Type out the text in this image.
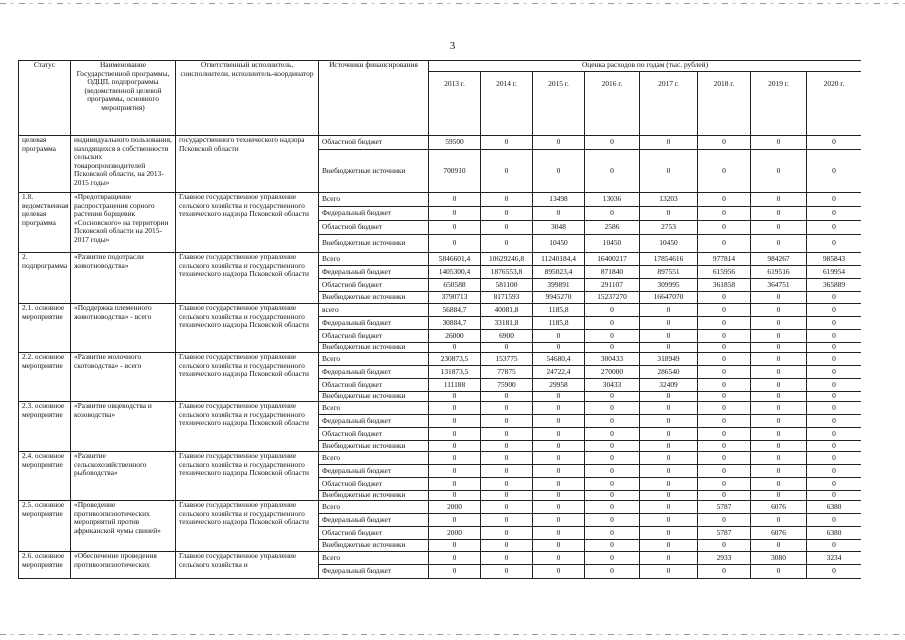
3
Статус	Наименование Государственной программы, ОДЦП, подпрограммы (ведомственной целевой программы, основного мероприятия)	Ответственный исполнитель, соисполнители, исполнитель-координатор	Источники финансирования	Оценка расходов по годам (тыс. рублей)							
				2013 г.	2014 г.	2015 г.	2016 г.	2017 г.	2018 г.	2019 г.	2020 г.
целевая программа	индивидуального пользования, находящихся в собственности сельских товаропроизводителей Псковской области, на 2013-2015 годы»	государственного технического надзора Псковской области	Областной бюджет	59500	0	0	0	0	0	0	0
			Внебюджетные источники	700910	0	0	0	0	0	0	0
1.8. ведомственная целевая программа	«Предотвращение распространения сорного растения борщевик «Сосновского» на территории Псковской области на 2015-2017 годы»	Главное государственное управление сельского хозяйства и государственного технического надзора Псковской области	Всего	0	0	13498	13036	13203	0	0	0
			Федеральный бюджет	0	0	0	0	0	0	0	0
			Областной бюджет	0	0	3048	2586	2753	0	0	0
			Внебюджетные источники	0	0	10450	10450	10450	0	0	0
2. подпрограмма	«Развитие подотрасли животноводства»	Главное государственное управление сельского хозяйства и государственного технического надзора Псковской области	Всего	5846601,4	10629246,8	11240184,4	16400217	17854616	977814	984267	985843
			Федеральный бюджет	1405300,4	1876553,8	895023,4	871840	897551	615956	619516	619954
			Областной бюджет	650588	581100	399891	291107	309995	361858	364751	365889
			Внебюджетные источники	3790713	8171593	9945270	15237270	16647070	0	0	0
2.1. основное мероприятие	«Поддержка племенного животноводства» - всего	Главное государственное управление сельского хозяйства и государственного технического надзора Псковской области	всего	56884,7	40081,8	1185,8	0	0	0	0	0
			Федеральный бюджет	30884,7	33181,8	1185,8	0	0	0	0	0
			Областной бюджет	26000	6900	0	0	0	0	0	0
			Внебюджетные источники	0	0	0	0	0	0	0	0
2.2. основное мероприятие	«Развитие молочного скотоводства» - всего	Главное государственное управление сельского хозяйства и государственного технического надзора Псковской области	Всего	230873,5	153775	54680,4	300433	318949	0	0	0
			Федеральный бюджет	131873,5	77875	24722,4	270000	286540	0	0	0
			Областной бюджет	111188	75900	29958	30433	32409	0	0	0
			Внебюджетные источники	0	0	0	0	0	0	0	0
2.3. основное мероприятие	«Развитие овцеводства и козоводства»	Главное государственное управление сельского хозяйства и государственного технического надзора Псковской области	Всего	0	0	0	0	0	0	0	0
			Федеральный бюджет	0	0	0	0	0	0	0	0
			Областной бюджет	0	0	0	0	0	0	0	0
			Внебюджетные источники	0	0	0	0	0	0	0	0
2.4. основное мероприятие	«Развитие сельскохозяйственного рыбоводства»	Главное государственное управление сельского хозяйства и государственного технического надзора Псковской области	Всего	0	0	0	0	0	0	0	0
			Федеральный бюджет	0	0	0	0	0	0	0	0
			Областной бюджет	0	0	0	0	0	0	0	0
			Внебюджетные источники	0	0	0	0	0	0	0	0
2.5. основное мероприятие	«Проведение противоэпизоотических мероприятий против африканской чумы свиней»	Главное государственное управление сельского хозяйства и государственного технического надзора Псковской области	Всего	2000	0	0	0	0	5787	6076	6380
			Федеральный бюджет	0	0	0	0	0	0	0	0
			Областной бюджет	2000	0	0	0	0	5787	6076	6380
			Внебюджетные источники	0	0	0	0	0	0	0	0
2.6. основное мероприятие	«Обеспечение проведения противоэпизоотических	Главное государственное управление сельского хозяйства и	Всего	0	0	0	0	0	2933	3080	3234
			Федеральный бюджет	0	0	0	0	0	0	0	0
